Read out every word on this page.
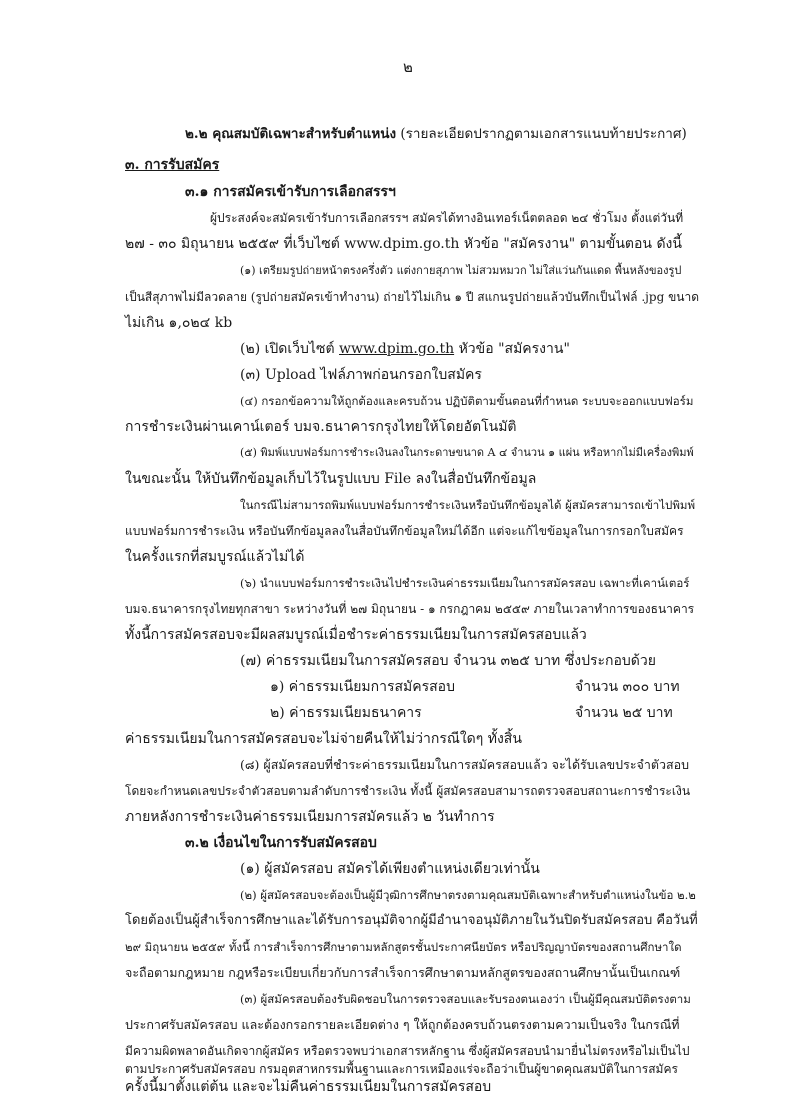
๒
๒.๒ คุณสมบัติเฉพาะสำหรับตำแหน่ง (รายละเอียดปรากฏตามเอกสารแนบท้ายประกาศ)
๓. การรับสมัคร
๓.๑ การสมัครเข้ารับการเลือกสรรฯ
ผู้ประสงค์จะสมัครเข้ารับการเลือกสรรฯ สมัครได้ทางอินเทอร์เน็ตตลอด ๒๔ ชั่วโมง ตั้งแต่วันที่
๒๗ - ๓๐ มิถุนายน ๒๕๕๙ ที่เว็บไซต์ www.dpim.go.th หัวข้อ "สมัครงาน" ตามขั้นตอน ดังนี้
(๑) เตรียมรูปถ่ายหน้าตรงครึ่งตัว แต่งกายสุภาพ ไม่สวมหมวก ไม่ใส่แว่นกันแดด พื้นหลังของรูป
เป็นสีสุภาพไม่มีลวดลาย (รูปถ่ายสมัครเข้าทำงาน) ถ่ายไว้ไม่เกิน ๑ ปี สแกนรูปถ่ายแล้วบันทึกเป็นไฟล์ .jpg ขนาด
ไม่เกิน ๑,๐๒๔ kb
(๒) เปิดเว็บไซต์ www.dpim.go.th หัวข้อ "สมัครงาน"
(๓) Upload ไฟล์ภาพก่อนกรอกใบสมัคร
(๔) กรอกข้อความให้ถูกต้องและครบถ้วน ปฏิบัติตามขั้นตอนที่กำหนด ระบบจะออกแบบฟอร์ม
การชำระเงินผ่านเคาน์เตอร์ บมจ.ธนาคารกรุงไทยให้โดยอัตโนมัติ
(๕) พิมพ์แบบฟอร์มการชำระเงินลงในกระดาษขนาด A ๔ จำนวน ๑ แผ่น หรือหากไม่มีเครื่องพิมพ์
ในขณะนั้น ให้บันทึกข้อมูลเก็บไว้ในรูปแบบ File ลงในสื่อบันทึกข้อมูล
ในกรณีไม่สามารถพิมพ์แบบฟอร์มการชำระเงินหรือบันทึกข้อมูลได้ ผู้สมัครสามารถเข้าไปพิมพ์
แบบฟอร์มการชำระเงิน หรือบันทึกข้อมูลลงในสื่อบันทึกข้อมูลใหม่ได้อีก แต่จะแก้ไขข้อมูลในการกรอกใบสมัคร
ในครั้งแรกที่สมบูรณ์แล้วไม่ได้
(๖) นำแบบฟอร์มการชำระเงินไปชำระเงินค่าธรรมเนียมในการสมัครสอบ เฉพาะที่เคาน์เตอร์
บมจ.ธนาคารกรุงไทยทุกสาขา ระหว่างวันที่ ๒๗ มิถุนายน - ๑ กรกฎาคม ๒๕๕๙ ภายในเวลาทำการของธนาคาร
ทั้งนี้การสมัครสอบจะมีผลสมบูรณ์เมื่อชำระค่าธรรมเนียมในการสมัครสอบแล้ว
(๗) ค่าธรรมเนียมในการสมัครสอบ จำนวน ๓๒๕ บาท ซึ่งประกอบด้วย
๑) ค่าธรรมเนียมการสมัครสอบ	จำนวน ๓๐๐ บาท
๒) ค่าธรรมเนียมธนาคาร	จำนวน ๒๕ บาท
ค่าธรรมเนียมในการสมัครสอบจะไม่จ่ายคืนให้ไม่ว่ากรณีใดๆ ทั้งสิ้น
(๘) ผู้สมัครสอบที่ชำระค่าธรรมเนียมในการสมัครสอบแล้ว จะได้รับเลขประจำตัวสอบ
โดยจะกำหนดเลขประจำตัวสอบตามลำดับการชำระเงิน ทั้งนี้ ผู้สมัครสอบสามารถตรวจสอบสถานะการชำระเงิน
ภายหลังการชำระเงินค่าธรรมเนียมการสมัครแล้ว ๒ วันทำการ
๓.๒ เงื่อนไขในการรับสมัครสอบ
(๑) ผู้สมัครสอบ สมัครได้เพียงตำแหน่งเดียวเท่านั้น
(๒) ผู้สมัครสอบจะต้องเป็นผู้มีวุฒิการศึกษาตรงตามคุณสมบัติเฉพาะสำหรับตำแหน่งในข้อ ๒.๒
โดยต้องเป็นผู้สำเร็จการศึกษาและได้รับการอนุมัติจากผู้มีอำนาจอนุมัติภายในวันปิดรับสมัครสอบ คือวันที่
๒๙ มิถุนายน ๒๕๕๙ ทั้งนี้ การสำเร็จการศึกษาตามหลักสูตรชั้นประกาศนียบัตร หรือปริญญาบัตรของสถานศึกษาใด
จะถือตามกฎหมาย กฎหรือระเบียบเกี่ยวกับการสำเร็จการศึกษาตามหลักสูตรของสถานศึกษานั้นเป็นเกณฑ์
(๓) ผู้สมัครสอบต้องรับผิดชอบในการตรวจสอบและรับรองตนเองว่า เป็นผู้มีคุณสมบัติตรงตาม
ประกาศรับสมัครสอบ และต้องกรอกรายละเอียดต่าง ๆ ให้ถูกต้องครบถ้วนตรงตามความเป็นจริง ในกรณีที่
มีความผิดพลาดอันเกิดจากผู้สมัคร หรือตรวจพบว่าเอกสารหลักฐาน ซึ่งผู้สมัครสอบนำมายื่นไม่ตรงหรือไม่เป็นไป
ตามประกาศรับสมัครสอบ กรมอุตสาหกรรมพื้นฐานและการเหมืองแร่จะถือว่าเป็นผู้ขาดคุณสมบัติในการสมัคร
ครั้งนี้มาตั้งแต่ต้น และจะไม่คืนค่าธรรมเนียมในการสมัครสอบ
